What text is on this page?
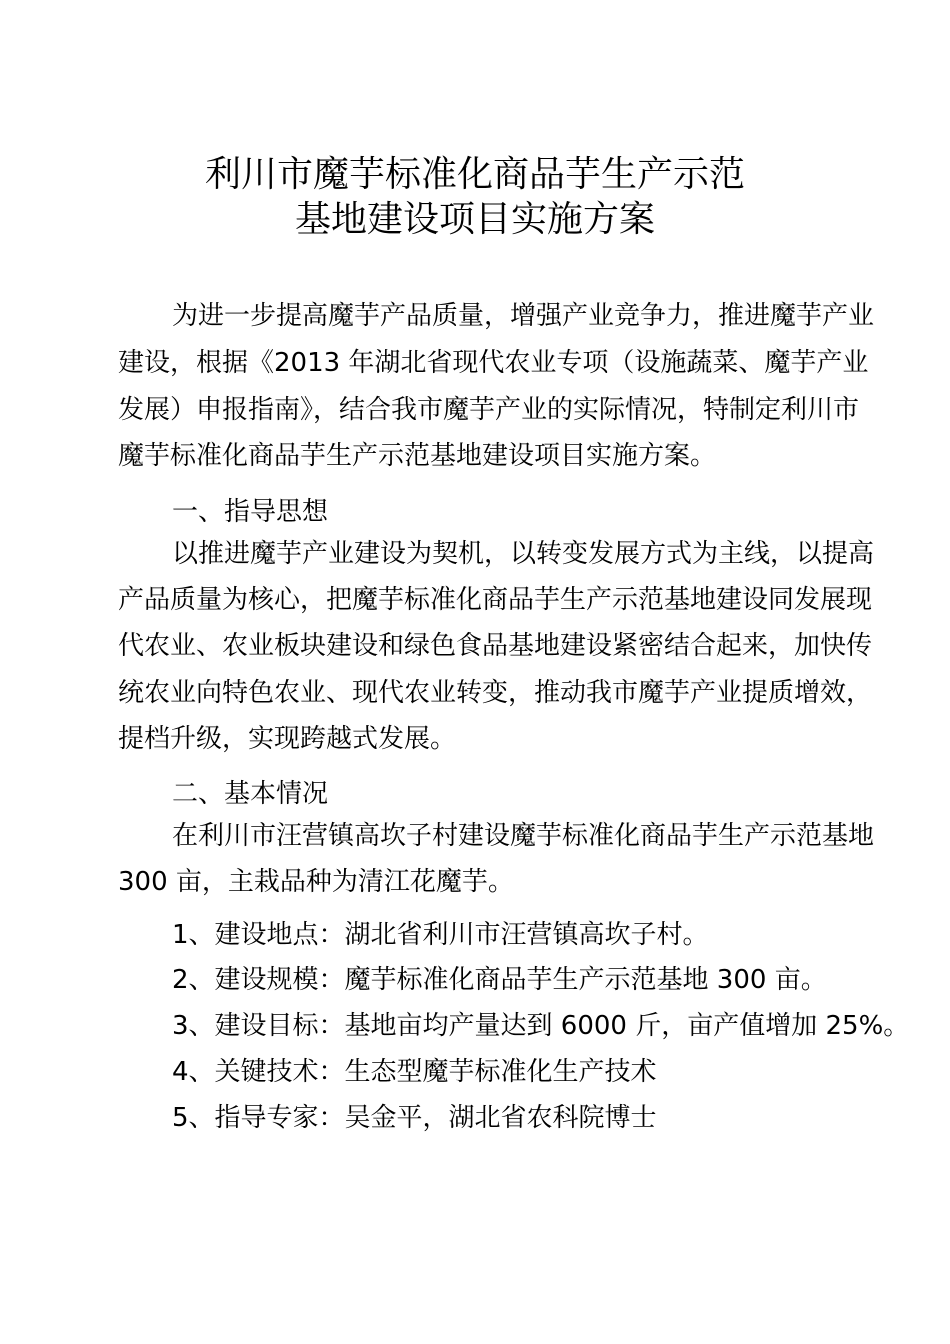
利川市魔芋标准化商品芋生产示范
基地建设项目实施方案
为进一步提高魔芋产品质量，增强产业竞争力，推进魔芋产业
建设，根据《2013 年湖北省现代农业专项（设施蔬菜、魔芋产业
发展）申报指南》，结合我市魔芋产业的实际情况，特制定利川市
魔芋标准化商品芋生产示范基地建设项目实施方案。
一、指导思想
以推进魔芋产业建设为契机，以转变发展方式为主线，以提高
产品质量为核心，把魔芋标准化商品芋生产示范基地建设同发展现
代农业、农业板块建设和绿色食品基地建设紧密结合起来，加快传
统农业向特色农业、现代农业转变，推动我市魔芋产业提质增效，
提档升级，实现跨越式发展。
二、基本情况
在利川市汪营镇高坎子村建设魔芋标准化商品芋生产示范基地
300 亩，主栽品种为清江花魔芋。
1、建设地点：湖北省利川市汪营镇高坎子村。
2、建设规模：魔芋标准化商品芋生产示范基地 300 亩。
3、建设目标：基地亩均产量达到 6000 斤，亩产值增加 25%。
4、关键技术：生态型魔芋标准化生产技术
5、指导专家：吴金平，湖北省农科院博士
